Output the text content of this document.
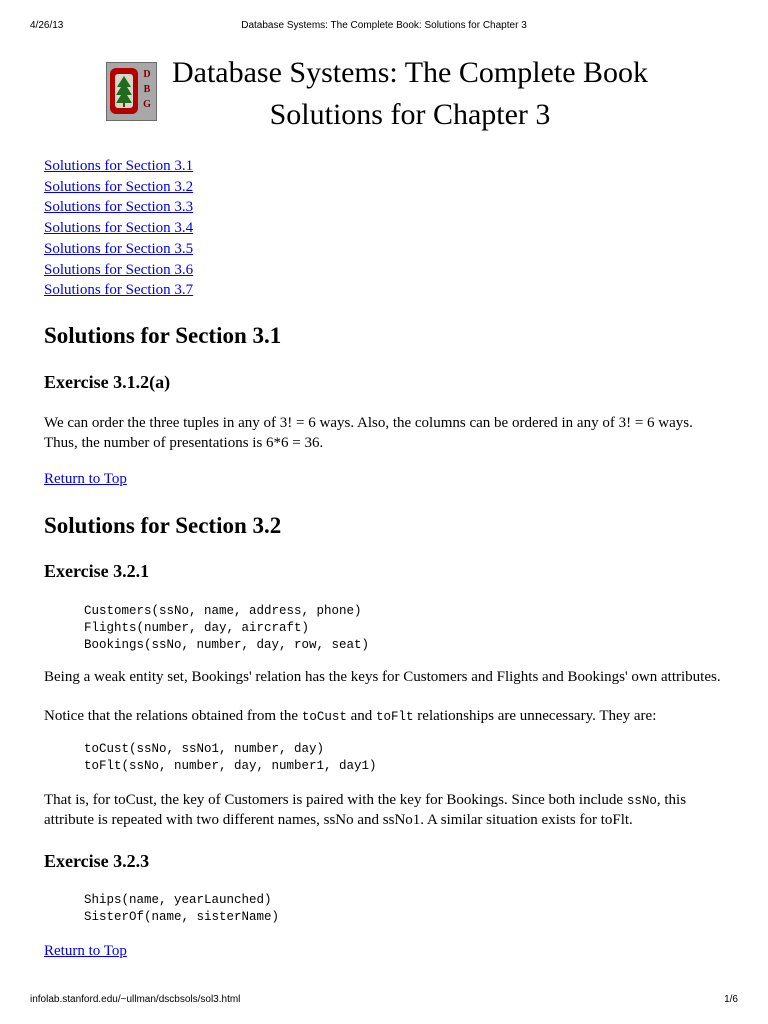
4/26/13	Database Systems: The Complete Book: Solutions for Chapter 3
D
B
G
Database Systems: The Complete Book
Solutions for Chapter 3
Solutions for Section 3.1
Solutions for Section 3.2
Solutions for Section 3.3
Solutions for Section 3.4
Solutions for Section 3.5
Solutions for Section 3.6
Solutions for Section 3.7
Solutions for Section 3.1
Exercise 3.1.2(a)

We can order the three tuples in any of 3! = 6 ways. Also, the columns can be ordered in any of 3! = 6 ways.

Thus, the number of presentations is 6*6 = 36.

Return to Top
Solutions for Section 3.2
Exercise 3.2.1
Customers(ssNo, name, address, phone)
Flights(number, day, aircraft)
Bookings(ssNo, number, day, row, seat)

Being a weak entity set, Bookings' relation has the keys for Customers and Flights and Bookings' own attributes.

Notice that the relations obtained from the toCust and toFlt relationships are unnecessary. They are:

toCust(ssNo, ssNo1, number, day)
toFlt(ssNo, number, day, number1, day1)

That is, for toCust, the key of Customers is paired with the key for Bookings. Since both include ssNo, this

attribute is repeated with two different names, ssNo and ssNo1. A similar situation exists for toFlt.

Exercise 3.2.3
Ships(name, yearLaunched)
SisterOf(name, sisterName)
Return to Top
infolab.stanford.edu/~ullman/dscbsols/sol3.html	1/6
